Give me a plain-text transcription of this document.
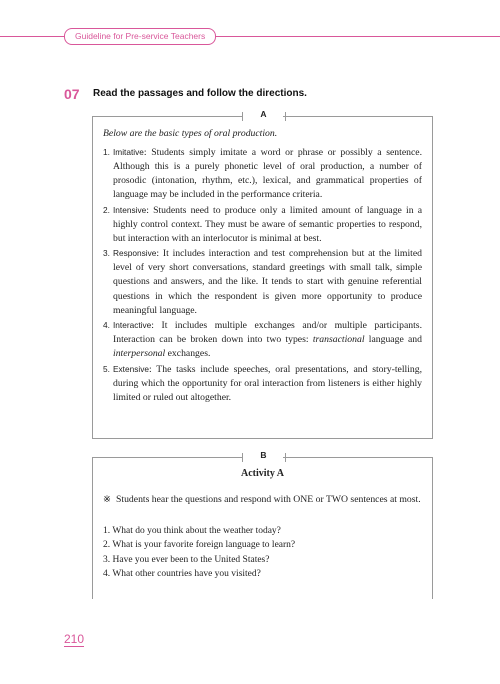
Guideline for Pre-service Teachers
07 Read the passages and follow the directions.
A

Below are the basic types of oral production.

1. Imitative: Students simply imitate a word or phrase or possibly a sentence. Although this is a purely phonetic level of oral production, a number of prosodic (intonation, rhythm, etc.), lexical, and grammatical properties of language may be included in the performance criteria.
2. Intensive: Students need to produce only a limited amount of language in a highly control context. They must be aware of semantic properties to respond, but interaction with an interlocutor is minimal at best.
3. Responsive: It includes interaction and test comprehension but at the limited level of very short conversations, standard greetings with small talk, simple questions and answers, and the like. It tends to start with genuine referential questions in which the respondent is given more opportunity to produce meaningful language.
4. Interactive: It includes multiple exchanges and/or multiple participants. Interaction can be broken down into two types: transactional language and interpersonal exchanges.
5. Extensive: The tasks include speeches, oral presentations, and story-telling, during which the opportunity for oral interaction from listeners is either highly limited or ruled out altogether.
B
Activity A
※ Students hear the questions and respond with ONE or TWO sentences at most.
1. What do you think about the weather today?
2. What is your favorite foreign language to learn?
3. Have you ever been to the United States?
4. What other countries have you visited?
210
